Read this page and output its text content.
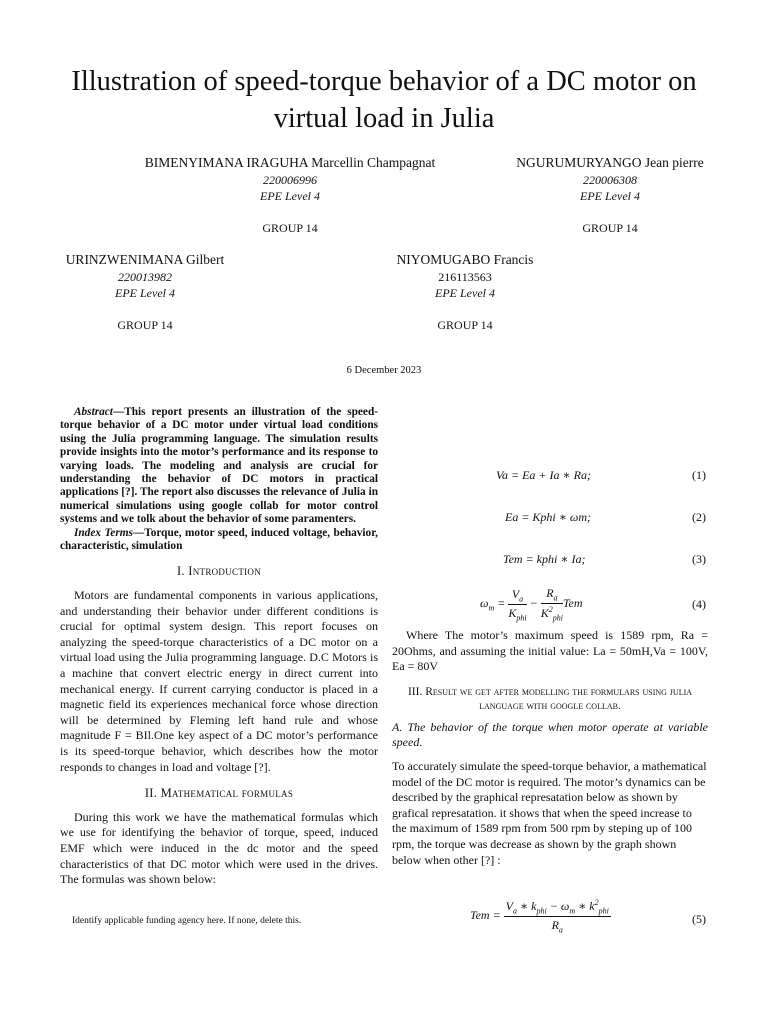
Illustration of speed-torque behavior of a DC motor on virtual load in Julia
BIMENYIMANA IRAGUHA Marcellin Champagnat
220006996
EPE Level 4
GROUP 14
NGURUMURYANGO Jean pierre
220006308
EPE Level 4
GROUP 14
URINZWENIMANA Gilbert
220013982
EPE Level 4
GROUP 14
NIYOMUGABO Francis
216113563
EPE Level 4
GROUP 14
6 December 2023

Abstract—This report presents an illustration of the speed-torque behavior of a DC motor under virtual load conditions using the Julia programming language. The simulation results provide insights into the motor’s performance and its response to varying loads. The modeling and analysis are crucial for understanding the behavior of DC motors in practical applications [?]. The report also discusses the relevance of Julia in numerical simulations using google collab for motor control systems and we tolk about the behavior of some paramenters.

Index Terms—Torque, motor speed, induced voltage, behavior, characteristic, simulation

I. Introduction

Motors are fundamental components in various applications, and understanding their behavior under different conditions is crucial for optimal system design. This report focuses on analyzing the speed-torque characteristics of a DC motor on a virtual load using the Julia programming language. D.C Motors is a machine that convert electric energy in direct current into mechanical energy. If current carrying conductor is placed in a magnetic field its experiences mechanical force whose direction will be determined by Fleming left hand rule and whose magnitude F = BIl.One key aspect of a DC motor’s performance is its speed-torque behavior, which describes how the motor responds to changes in load and voltage [?].

II. Mathematical formulas

During this work we have the mathematical formulas which we use for identifying the behavior of torque, speed, induced EMF which were induced in the dc motor and the speed characteristics of that DC motor which were used in the drives. The formulas was shown below:

Identify applicable funding agency here. If none, delete this.
Va = Ea + Ia ∗ Ra;	(1)
Ea = Kphi ∗ ωm;	(2)
Tem = kphi ∗ Ia;	(3)
$\omega_m = \frac{V_a}{K_{phi}} - \frac{R_a}{K^2_{phi}}$ Tem	(4)

Where The motor’s maximum speed is 1589 rpm, Ra = 20Ohms, and assuming the initial value: La = 50mH,Va = 100V, Ea = 80V

III. Result we get after modelling the formulars using julia language with google collab.

A. The behavior of the torque when motor operate at variable speed.

To accurately simulate the speed-torque behavior, a mathematical model of the DC motor is required. The motor’s dynamics can be described by the graphical represatation below as shown by grafical represatation. it shows that when the speed increase to the maximum of 1589 rpm from 500 rpm by steping up of 100 rpm, the torque was decrease as shown by the graph shown below when other [?] :

Tem = $\frac{V_a ∗ k_{phi} - \omega_m ∗ k^2_{phi}}{R_a}$	(5)
